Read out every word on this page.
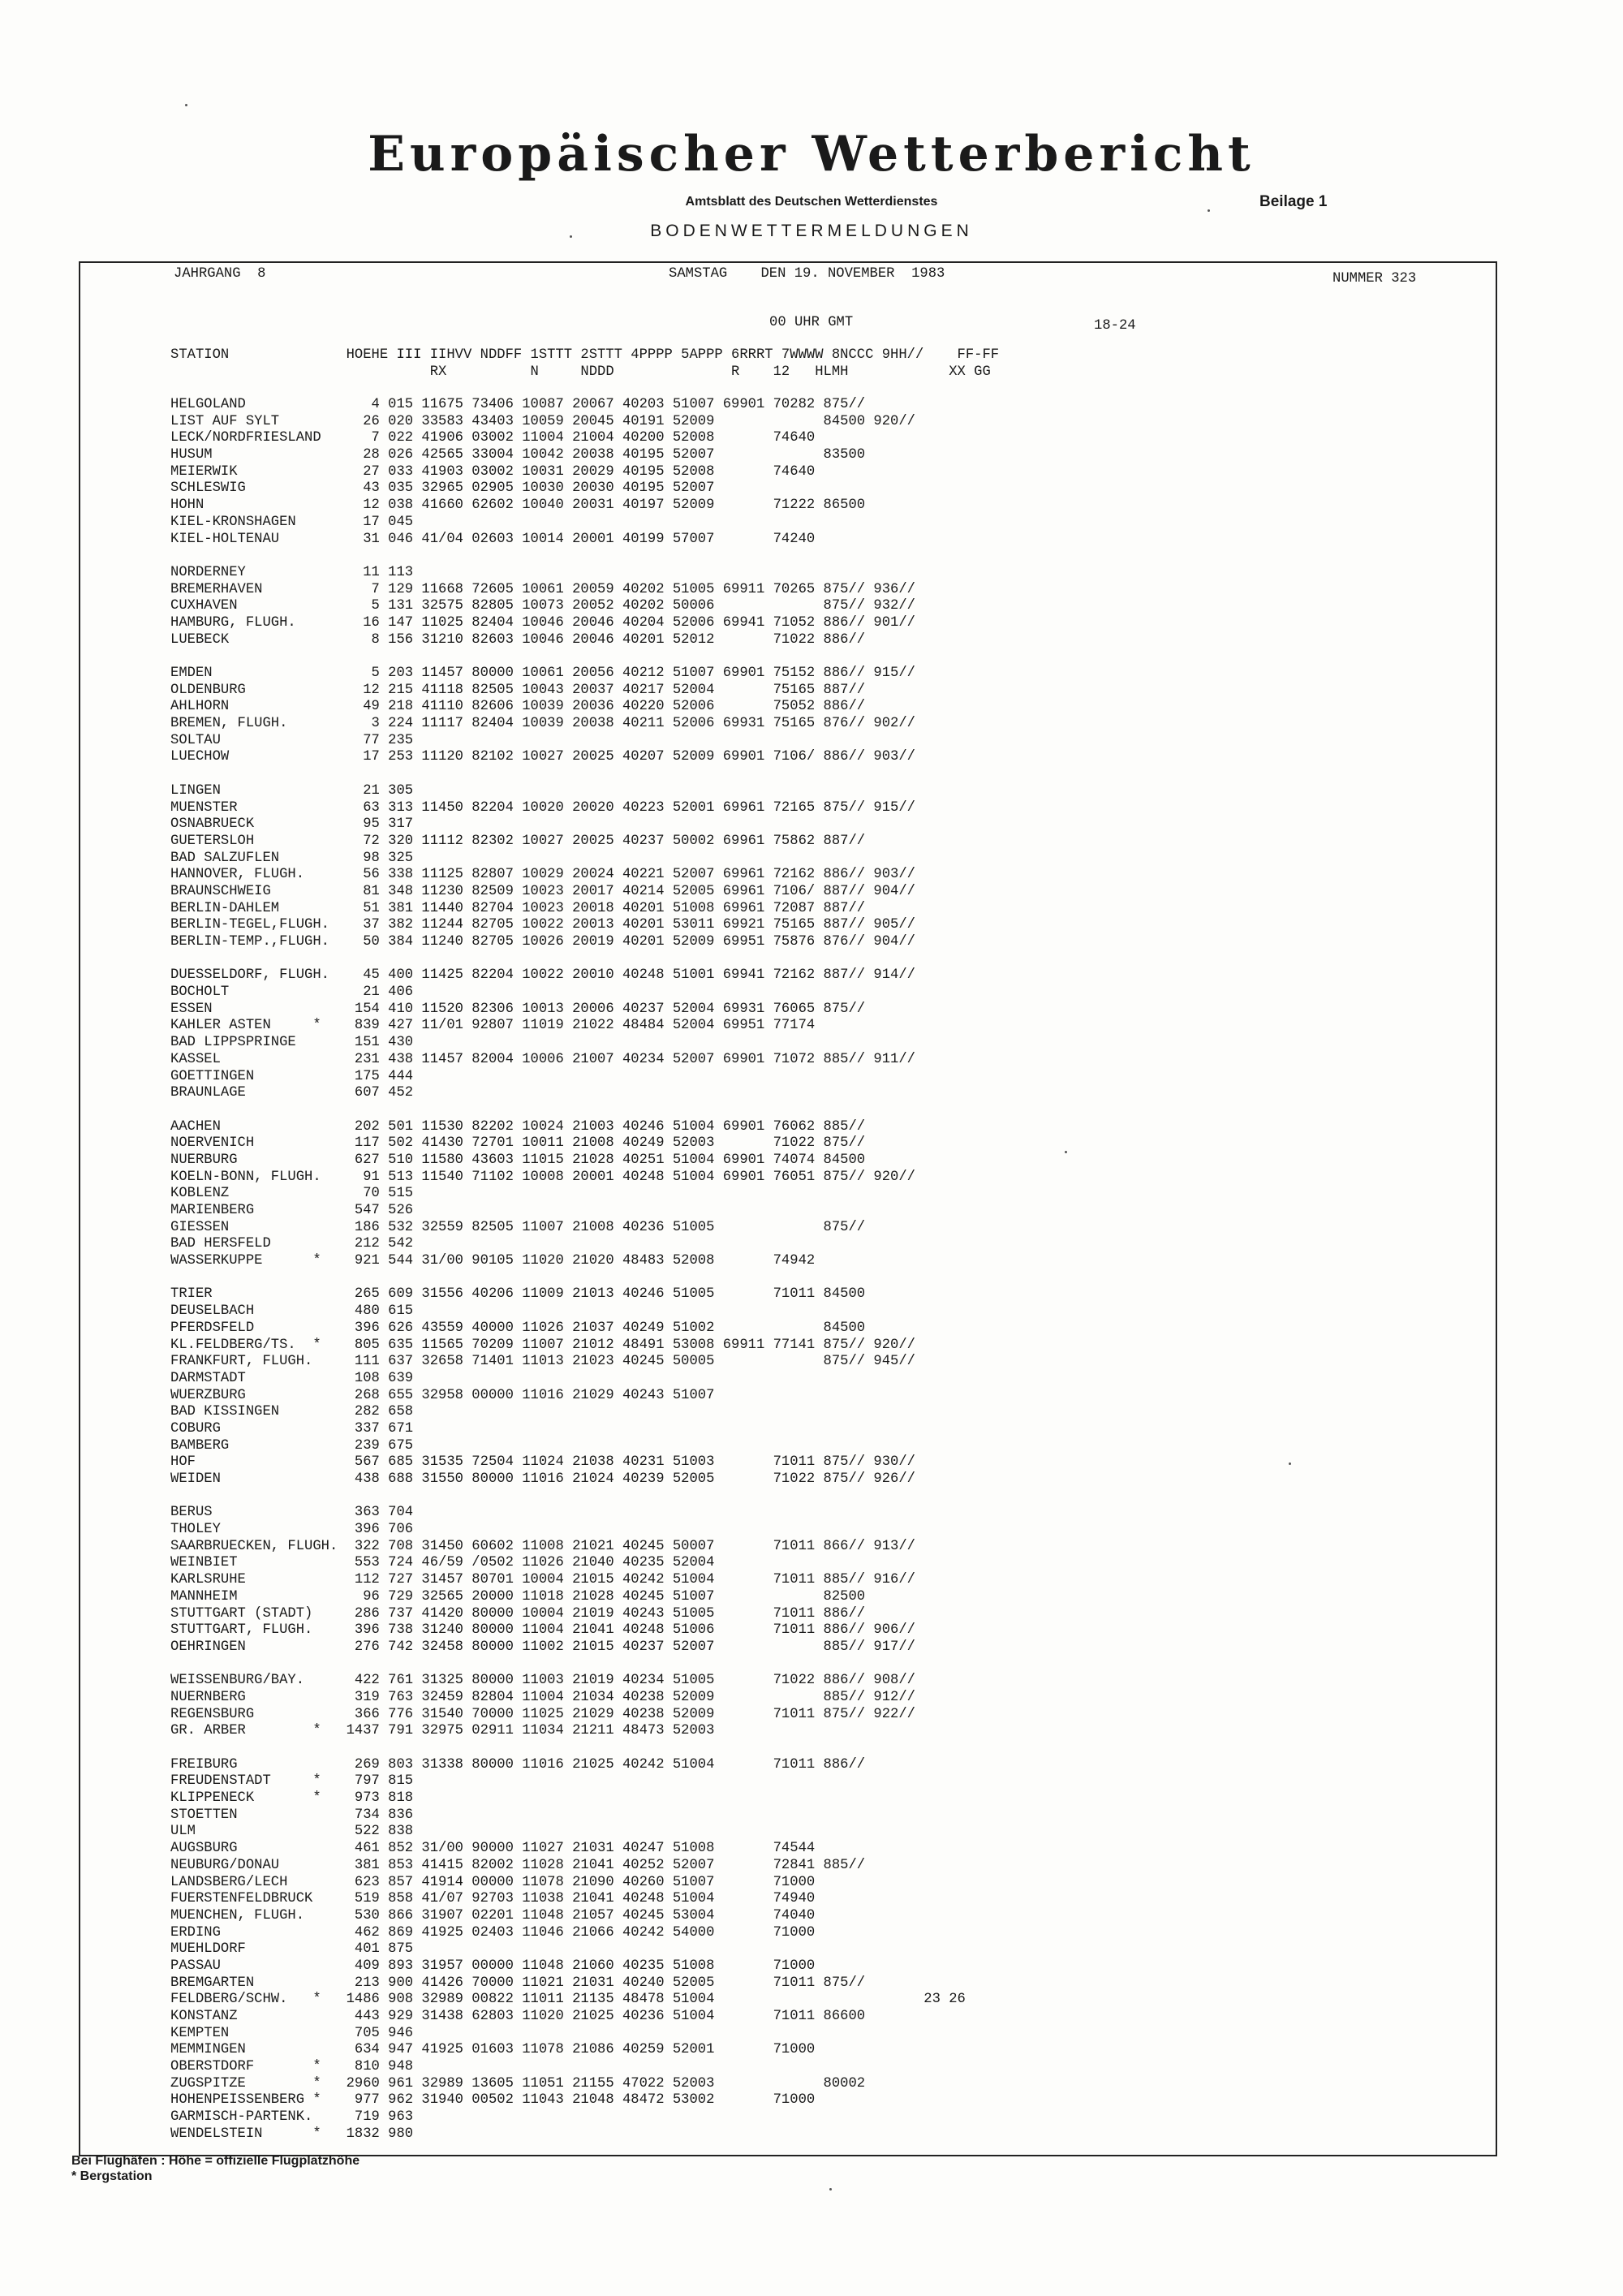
Europäischer Wetterbericht
Amtsblatt des Deutschen Wetterdienstes	Beilage 1
BODENWETTERMELDUNGEN

JAHRGANG  8

	SAMSTAG    DEN 19. NOVEMBER  1983

	NUMMER 323

00 UHR GMT	18-24
STATION              HOEHE III IIHVV NDDFF 1STTT 2STTT 4PPPP 5APPP 6RRRT 7WWWW 8NCCC 9HH//    FF-FF
RX          N     NDDD              R    12   HLMH            XX GG
HELGOLAND               4 015 11675 73406 10087 20067 40203 51007 69901 70282 875//
LIST AUF SYLT          26 020 33583 43403 10059 20045 40191 52009             84500 920//
LECK/NORDFRIESLAND      7 022 41906 03002 11004 21004 40200 52008       74640
HUSUM                  28 026 42565 33004 10042 20038 40195 52007             83500
MEIERWIK               27 033 41903 03002 10031 20029 40195 52008       74640
SCHLESWIG              43 035 32965 02905 10030 20030 40195 52007
HOHN                   12 038 41660 62602 10040 20031 40197 52009       71222 86500
KIEL-KRONSHAGEN        17 045
KIEL-HOLTENAU          31 046 41/04 02603 10014 20001 40199 57007       74240
NORDERNEY              11 113
BREMERHAVEN             7 129 11668 72605 10061 20059 40202 51005 69911 70265 875// 936//
CUXHAVEN                5 131 32575 82805 10073 20052 40202 50006             875// 932//
HAMBURG, FLUGH.        16 147 11025 82404 10046 20046 40204 52006 69941 71052 886// 901//
LUEBECK                 8 156 31210 82603 10046 20046 40201 52012       71022 886//
EMDEN                   5 203 11457 80000 10061 20056 40212 51007 69901 75152 886// 915//
OLDENBURG              12 215 41118 82505 10043 20037 40217 52004       75165 887//
AHLHORN                49 218 41110 82606 10039 20036 40220 52006       75052 886//
BREMEN, FLUGH.          3 224 11117 82404 10039 20038 40211 52006 69931 75165 876// 902//
SOLTAU                 77 235
LUECHOW                17 253 11120 82102 10027 20025 40207 52009 69901 7106/ 886// 903//
LINGEN                 21 305
MUENSTER               63 313 11450 82204 10020 20020 40223 52001 69961 72165 875// 915//
OSNABRUECK             95 317
GUETERSLOH             72 320 11112 82302 10027 20025 40237 50002 69961 75862 887//
BAD SALZUFLEN          98 325
HANNOVER, FLUGH.       56 338 11125 82807 10029 20024 40221 52007 69961 72162 886// 903//
BRAUNSCHWEIG           81 348 11230 82509 10023 20017 40214 52005 69961 7106/ 887// 904//
BERLIN-DAHLEM          51 381 11440 82704 10023 20018 40201 51008 69961 72087 887//
BERLIN-TEGEL,FLUGH.    37 382 11244 82705 10022 20013 40201 53011 69921 75165 887// 905//
BERLIN-TEMP.,FLUGH.    50 384 11240 82705 10026 20019 40201 52009 69951 75876 876// 904//
DUESSELDORF, FLUGH.    45 400 11425 82204 10022 20010 40248 51001 69941 72162 887// 914//
BOCHOLT                21 406
ESSEN                 154 410 11520 82306 10013 20006 40237 52004 69931 76065 875//
KAHLER ASTEN     *    839 427 11/01 92807 11019 21022 48484 52004 69951 77174
BAD LIPPSPRINGE       151 430
KASSEL                231 438 11457 82004 10006 21007 40234 52007 69901 71072 885// 911//
GOETTINGEN            175 444
BRAUNLAGE             607 452
AACHEN                202 501 11530 82202 10024 21003 40246 51004 69901 76062 885//
NOERVENICH            117 502 41430 72701 10011 21008 40249 52003       71022 875//
NUERBURG              627 510 11580 43603 11015 21028 40251 51004 69901 74074 84500
KOELN-BONN, FLUGH.     91 513 11540 71102 10008 20001 40248 51004 69901 76051 875// 920//
KOBLENZ                70 515
MARIENBERG            547 526
GIESSEN               186 532 32559 82505 11007 21008 40236 51005             875//
BAD HERSFELD          212 542
WASSERKUPPE      *    921 544 31/00 90105 11020 21020 48483 52008       74942
TRIER                 265 609 31556 40206 11009 21013 40246 51005       71011 84500
DEUSELBACH            480 615
PFERDSFELD            396 626 43559 40000 11026 21037 40249 51002             84500
KL.FELDBERG/TS.  *    805 635 11565 70209 11007 21012 48491 53008 69911 77141 875// 920//
FRANKFURT, FLUGH.     111 637 32658 71401 11013 21023 40245 50005             875// 945//
DARMSTADT             108 639
WUERZBURG             268 655 32958 00000 11016 21029 40243 51007
BAD KISSINGEN         282 658
COBURG                337 671
BAMBERG               239 675
HOF                   567 685 31535 72504 11024 21038 40231 51003       71011 875// 930//
WEIDEN                438 688 31550 80000 11016 21024 40239 52005       71022 875// 926//
BERUS                 363 704
THOLEY                396 706
SAARBRUECKEN, FLUGH.  322 708 31450 60602 11008 21021 40245 50007       71011 866// 913//
WEINBIET              553 724 46/59 /0502 11026 21040 40235 52004
KARLSRUHE             112 727 31457 80701 10004 21015 40242 51004       71011 885// 916//
MANNHEIM               96 729 32565 20000 11018 21028 40245 51007             82500
STUTTGART (STADT)     286 737 41420 80000 10004 21019 40243 51005       71011 886//
STUTTGART, FLUGH.     396 738 31240 80000 11004 21041 40248 51006       71011 886// 906//
OEHRINGEN             276 742 32458 80000 11002 21015 40237 52007             885// 917//
WEISSENBURG/BAY.      422 761 31325 80000 11003 21019 40234 51005       71022 886// 908//
NUERNBERG             319 763 32459 82804 11004 21034 40238 52009             885// 912//
REGENSBURG            366 776 31540 70000 11025 21029 40238 52009       71011 875// 922//
GR. ARBER        *   1437 791 32975 02911 11034 21211 48473 52003
FREIBURG              269 803 31338 80000 11016 21025 40242 51004       71011 886//
FREUDENSTADT     *    797 815
KLIPPENECK       *    973 818
STOETTEN              734 836
ULM                   522 838
AUGSBURG              461 852 31/00 90000 11027 21031 40247 51008       74544
NEUBURG/DONAU         381 853 41415 82002 11028 21041 40252 52007       72841 885//
LANDSBERG/LECH        623 857 41914 00000 11078 21090 40260 51007       71000
FUERSTENFELDBRUCK     519 858 41/07 92703 11038 21041 40248 51004       74940
MUENCHEN, FLUGH.      530 866 31907 02201 11048 21057 40245 53004       74040
ERDING                462 869 41925 02403 11046 21066 40242 54000       71000
MUEHLDORF             401 875
PASSAU                409 893 31957 00000 11048 21060 40235 51008       71000
BREMGARTEN            213 900 41426 70000 11021 21031 40240 52005       71011 875//
FELDBERG/SCHW.   *   1486 908 32989 00822 11011 21135 48478 51004                         23 26
KONSTANZ              443 929 31438 62803 11020 21025 40236 51004       71011 86600
KEMPTEN               705 946
MEMMINGEN             634 947 41925 01603 11078 21086 40259 52001       71000
OBERSTDORF       *    810 948
ZUGSPITZE        *   2960 961 32989 13605 11051 21155 47022 52003             80002
HOHENPEISSENBERG *    977 962 31940 00502 11043 21048 48472 53002       71000
GARMISCH-PARTENK.     719 963
WENDELSTEIN      *   1832 980
Bei Flughäfen : Höhe = offizielle Flugplatzhöhe
* Bergstation
